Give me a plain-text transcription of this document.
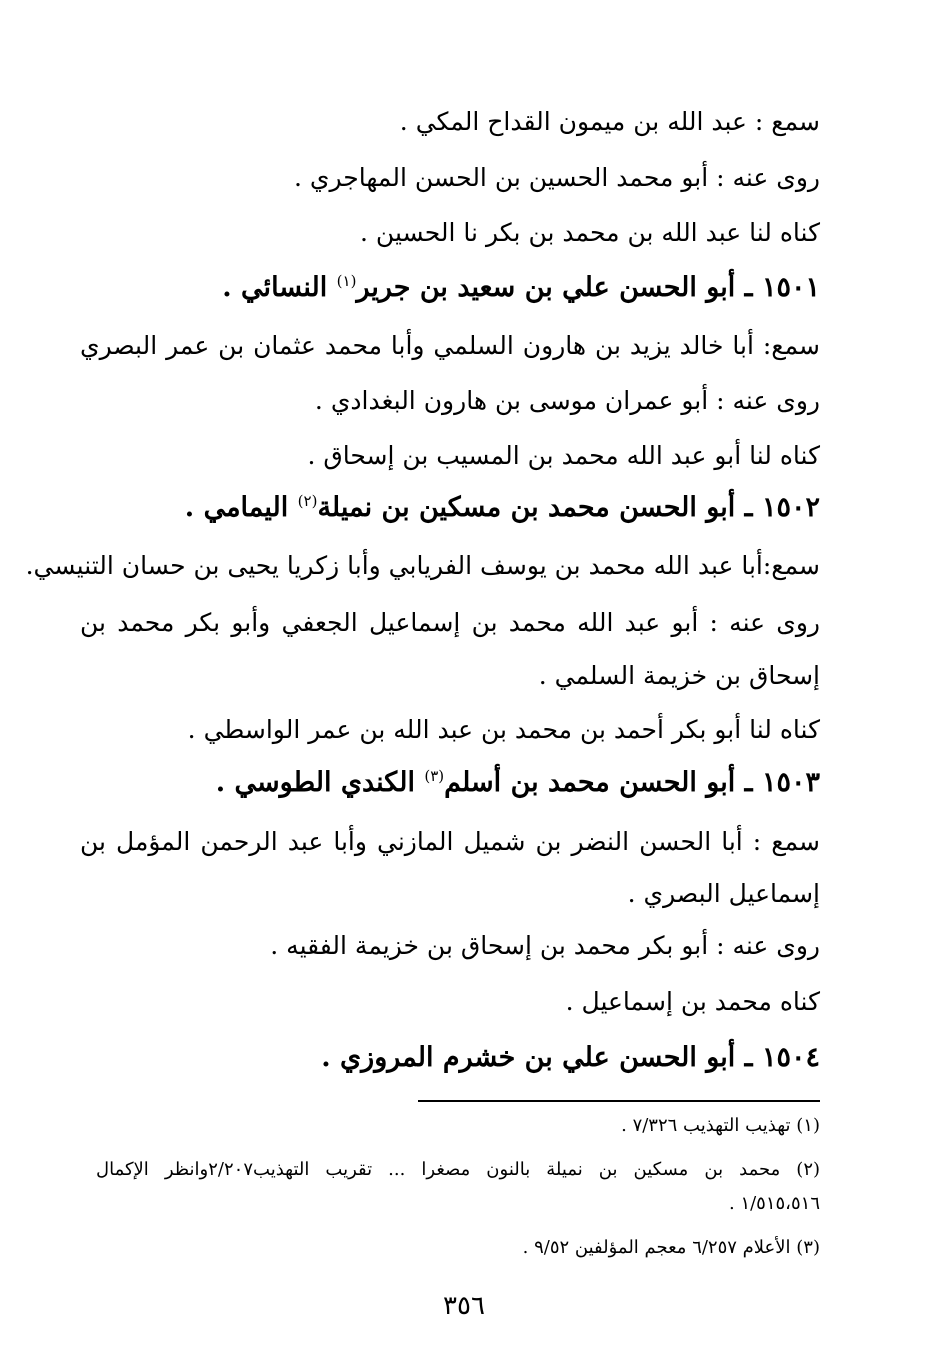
سمع : عبد الله بن ميمون القداح المكي .
روى عنه : أبو محمد الحسين بن الحسن المهاجري .
كناه لنا عبد الله بن محمد بن بكر نا الحسين .
١٥٠١ ـ أبو الحسن علي بن سعيد بن جرير$^{(١)}$ النسائي .
سمع: أبا خالد يزيد بن هارون السلمي وأبا محمد عثمان بن عمر البصري
روى عنه : أبو عمران موسى بن هارون البغدادي .
كناه لنا أبو عبد الله محمد بن المسيب بن إسحاق .
١٥٠٢ ـ أبو الحسن محمد بن مسكين بن نميلة$^{(٢)}$ اليمامي .
سمع:أبا عبد الله محمد بن يوسف الفريابي وأبا زكريا يحيى بن حسان التنيسي.
روى عنه : أبو عبد الله محمد بن إسماعيل الجعفي وأبو بكر محمد بن
إسحاق بن خزيمة السلمي .
كناه لنا أبو بكر أحمد بن محمد بن عبد الله بن عمر الواسطي .
١٥٠٣ ـ أبو الحسن محمد بن أسلم$^{(٣)}$ الكندي الطوسي .
سمع : أبا الحسن النضر بن شميل المازني وأبا عبد الرحمن المؤمل بن
إسماعيل البصري .
روى عنه : أبو بكر محمد بن إسحاق بن خزيمة الفقيه .
كناه محمد بن إسماعيل .
١٥٠٤ ـ أبو الحسن علي بن خشرم المروزي .
(١) تهذيب التهذيب ٧/٣٢٦ .
(٢) محمد بن مسكين بن نميلة بالنون مصغرا ... تقريب التهذيب٢/٢٠٧وانظر الإكمال
١/٥١٥،٥١٦ .
(٣) الأعلام ٦/٢٥٧ معجم المؤلفين ٩/٥٢ .
٣٥٦
